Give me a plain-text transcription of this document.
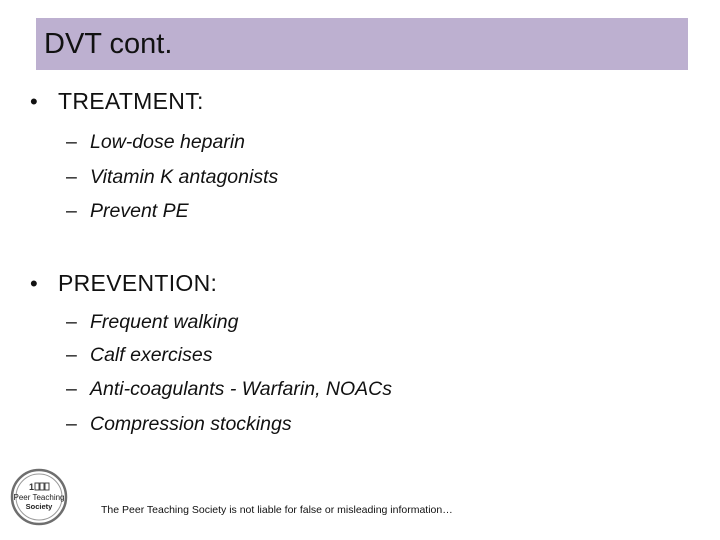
DVT cont.
• TREATMENT:
– Low-dose heparin
– Vitamin K antagonists
– Prevent PE
• PREVENTION:
– Frequent walking
– Calf exercises
– Anti-coagulants - Warfarin, NOACs
– Compression stockings
1
Peer Teaching
Society	The Peer Teaching Society is not liable for false or misleading information…
